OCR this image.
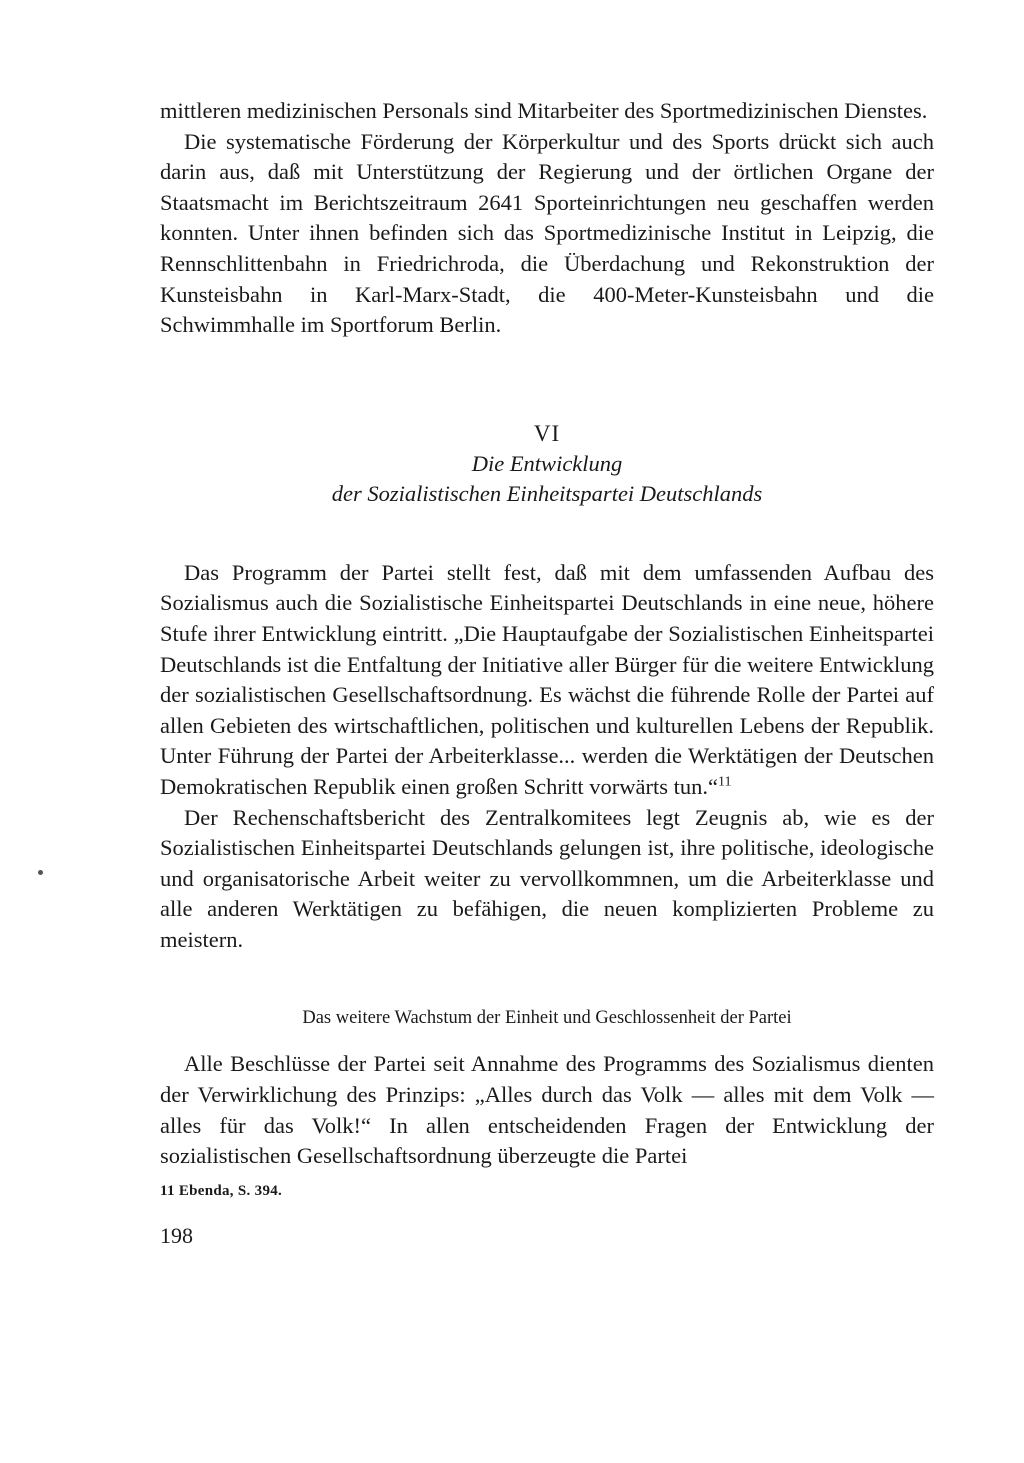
mittleren medizinischen Personals sind Mitarbeiter des Sportmedizinischen Dienstes.

Die systematische Förderung der Körperkultur und des Sports drückt sich auch darin aus, daß mit Unterstützung der Regierung und der örtlichen Organe der Staatsmacht im Berichtszeitraum 2641 Sporteinrichtungen neu geschaffen werden konnten. Unter ihnen befinden sich das Sportmedizinische Institut in Leipzig, die Rennschlittenbahn in Friedrichroda, die Überdachung und Rekonstruktion der Kunsteisbahn in Karl-Marx-Stadt, die 400-Meter-Kunsteisbahn und die Schwimmhalle im Sportforum Berlin.

VI
Die Entwicklung
der Sozialistischen Einheitspartei Deutschlands

Das Programm der Partei stellt fest, daß mit dem umfassenden Aufbau des Sozialismus auch die Sozialistische Einheitspartei Deutschlands in eine neue, höhere Stufe ihrer Entwicklung eintritt. „Die Hauptaufgabe der Sozialistischen Einheitspartei Deutschlands ist die Entfaltung der Initiative aller Bürger für die weitere Entwicklung der sozialistischen Gesellschaftsordnung. Es wächst die führende Rolle der Partei auf allen Gebieten des wirtschaftlichen, politischen und kulturellen Lebens der Republik. Unter Führung der Partei der Arbeiterklasse... werden die Werktätigen der Deutschen Demokratischen Republik einen großen Schritt vorwärts tun.“$^{11}$

Der Rechenschaftsbericht des Zentralkomitees legt Zeugnis ab, wie es der Sozialistischen Einheitspartei Deutschlands gelungen ist, ihre politische, ideologische und organisatorische Arbeit weiter zu vervollkommnen, um die Arbeiterklasse und alle anderen Werktätigen zu befähigen, die neuen komplizierten Probleme zu meistern.

Das weitere Wachstum der Einheit und Geschlossenheit der Partei

Alle Beschlüsse der Partei seit Annahme des Programms des Sozialismus dienten der Verwirklichung des Prinzips: „Alles durch das Volk — alles mit dem Volk — alles für das Volk!“ In allen entscheidenden Fragen der Entwicklung der sozialistischen Gesellschaftsordnung überzeugte die Partei

11 Ebenda, S. 394.
198
